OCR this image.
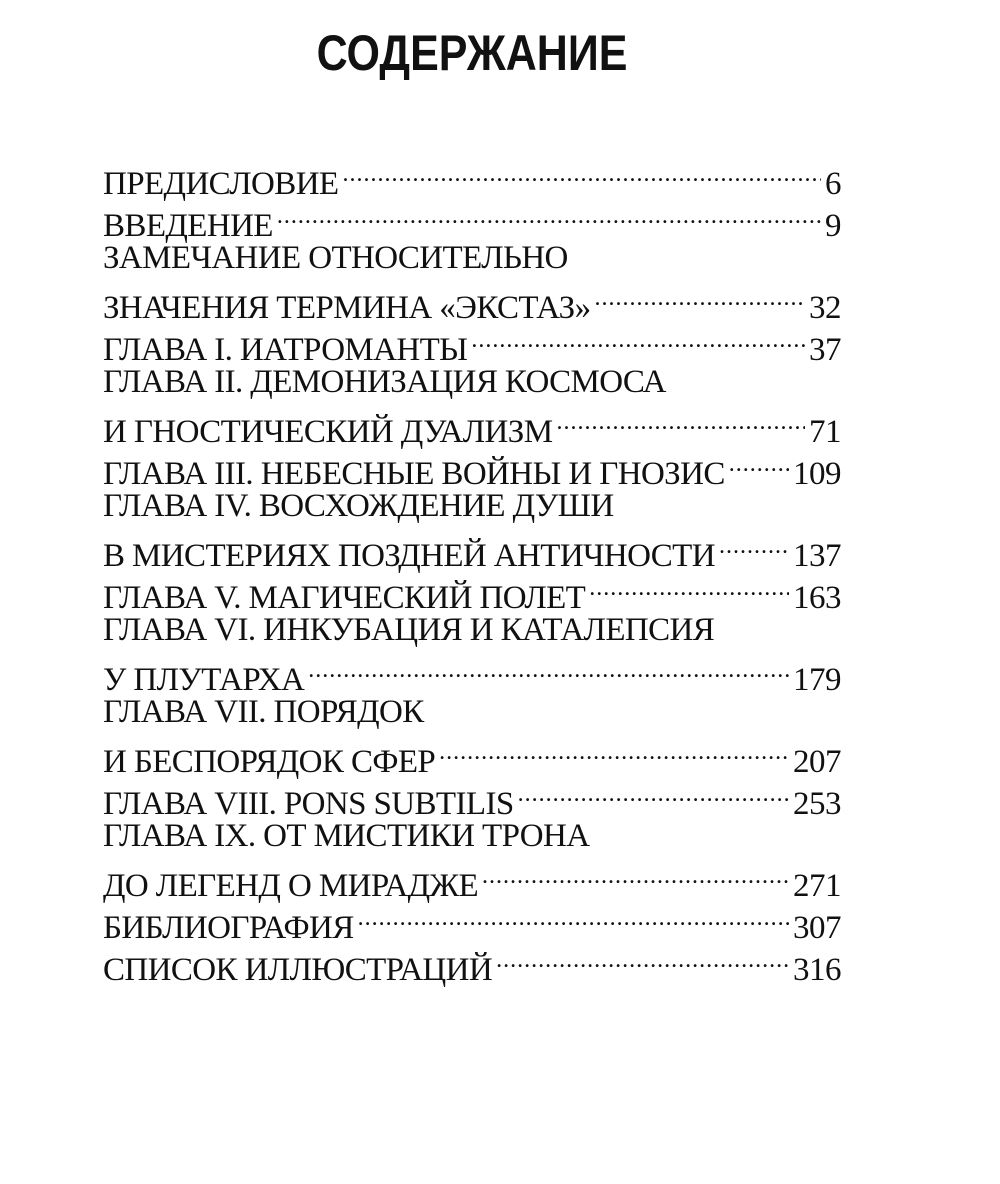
СОДЕРЖАНИЕ
ПРЕДИСЛОВИЕ .....	6
ВВЕДЕНИЕ .....	9
ЗАМЕЧАНИЕ ОТНОСИТЕЛЬНО
ЗНАЧЕНИЯ ТЕРМИНА «ЭКСТАЗ» .....	32
ГЛАВА I. ИАТРОМАНТЫ .....	37
ГЛАВА II. ДЕМОНИЗАЦИЯ КОСМОСА
И ГНОСТИЧЕСКИЙ ДУАЛИЗМ .....	71
ГЛАВА III. НЕБЕСНЫЕ ВОЙНЫ И ГНОЗИС ..... 109
ГЛАВА IV. ВОСХОЖДЕНИЕ ДУШИ
В МИСТЕРИЯХ ПОЗДНЕЙ АНТИЧНОСТИ ..... 137
ГЛАВА V. МАГИЧЕСКИЙ ПОЛЕТ .....	163
ГЛАВА VI. ИНКУБАЦИЯ И КАТАЛЕПСИЯ
У ПЛУТАРХА .....	179
ГЛАВА VII. ПОРЯДОК
И БЕСПОРЯДОК СФЕР .....	207
ГЛАВА VIII. PONS SUBTILIS .....	253
ГЛАВА IX. ОТ МИСТИКИ ТРОНА
ДО ЛЕГЕНД О МИРАДЖЕ .....	271
БИБЛИОГРАФИЯ .....	307
СПИСОК ИЛЛЮСТРАЦИЙ .....	316
